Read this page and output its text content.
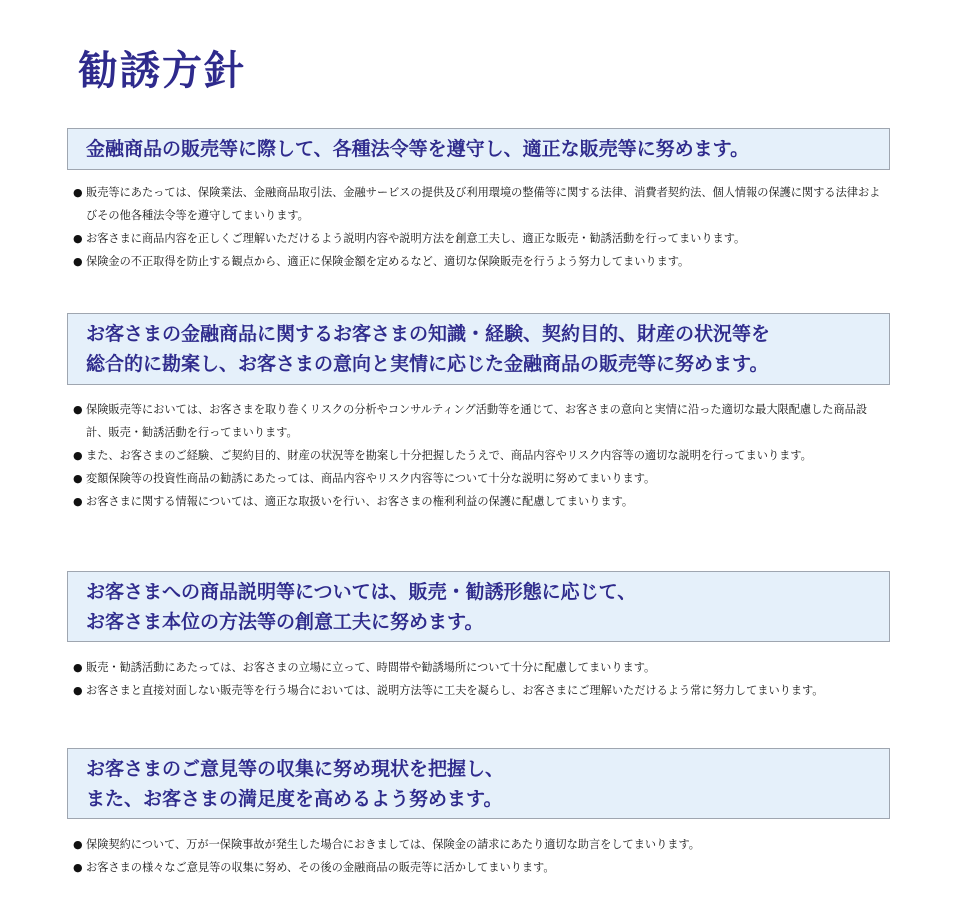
勧誘方針
金融商品の販売等に際して、各種法令等を遵守し、適正な販売等に努めます。
● 販売等にあたっては、保険業法、金融商品取引法、金融サービスの提供及び利用環境の整備等に関する法律、消費者契約法、個人情報の保護に関する法律およびその他各種法令等を遵守してまいります。
● お客さまに商品内容を正しくご理解いただけるよう説明内容や説明方法を創意工夫し、適正な販売・勧誘活動を行ってまいります。
● 保険金の不正取得を防止する観点から、適正に保険金額を定めるなど、適切な保険販売を行うよう努力してまいります。
お客さまの金融商品に関するお客さまの知識・経験、契約目的、財産の状況等を
総合的に勘案し、お客さまの意向と実情に応じた金融商品の販売等に努めます。
● 保険販売等においては、お客さまを取り巻くリスクの分析やコンサルティング活動等を通じて、お客さまの意向と実情に沿った適切な最大限配慮した商品設計、販売・勧誘活動を行ってまいります。
● また、お客さまのご経験、ご契約目的、財産の状況等を勘案し十分把握したうえで、商品内容やリスク内容等の適切な説明を行ってまいります。
● 変額保険等の投資性商品の勧誘にあたっては、商品内容やリスク内容等について十分な説明に努めてまいります。
● お客さまに関する情報については、適正な取扱いを行い、お客さまの権利利益の保護に配慮してまいります。
お客さまへの商品説明等については、販売・勧誘形態に応じて、
お客さま本位の方法等の創意工夫に努めます。
● 販売・勧誘活動にあたっては、お客さまの立場に立って、時間帯や勧誘場所について十分に配慮してまいります。
● お客さまと直接対面しない販売等を行う場合においては、説明方法等に工夫を凝らし、お客さまにご理解いただけるよう常に努力してまいります。
お客さまのご意見等の収集に努め現状を把握し、
また、お客さまの満足度を高めるよう努めます。
● 保険契約について、万が一保険事故が発生した場合におきましては、保険金の請求にあたり適切な助言をしてまいります。
● お客さまの様々なご意見等の収集に努め、その後の金融商品の販売等に活かしてまいります。
